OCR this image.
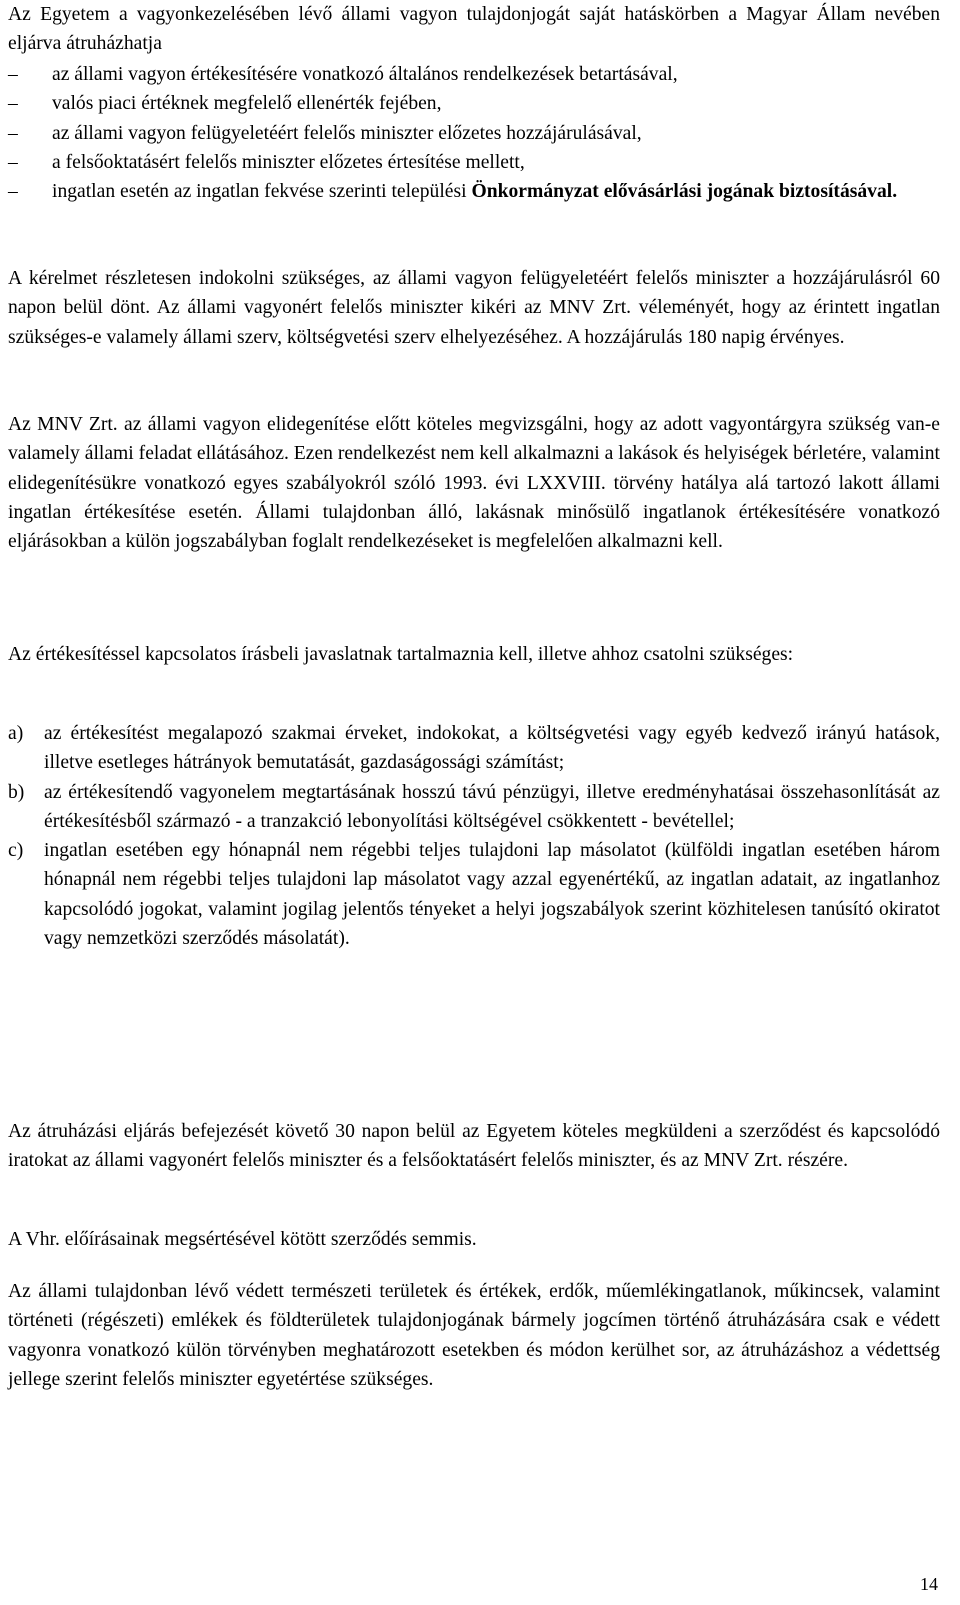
Az Egyetem a vagyonkezelésében lévő állami vagyon tulajdonjogát saját hatáskörben a Magyar Állam nevében eljárva átruházhatja

–	az állami vagyon értékesítésére vonatkozó általános rendelkezések betartásával,
–	valós piaci értéknek megfelelő ellenérték fejében,
–	az állami vagyon felügyeletéért felelős miniszter előzetes hozzájárulásával,
–	a felsőoktatásért felelős miniszter előzetes értesítése mellett,
–	ingatlan esetén az ingatlan fekvése szerinti települési Önkormányzat elővásárlási jogának biztosításával.

A kérelmet részletesen indokolni szükséges, az állami vagyon felügyeletéért felelős miniszter a hozzájárulásról 60 napon belül dönt. Az állami vagyonért felelős miniszter kikéri az MNV Zrt. véleményét, hogy az érintett ingatlan szükséges-e valamely állami szerv, költségvetési szerv elhelyezéséhez. A hozzájárulás 180 napig érvényes.

Az MNV Zrt. az állami vagyon elidegenítése előtt köteles megvizsgálni, hogy az adott vagyontárgyra szükség van-e valamely állami feladat ellátásához. Ezen rendelkezést nem kell alkalmazni a lakások és helyiségek bérletére, valamint elidegenítésükre vonatkozó egyes szabályokról szóló 1993. évi LXXVIII. törvény hatálya alá tartozó lakott állami ingatlan értékesítése esetén. Állami tulajdonban álló, lakásnak minősülő ingatlanok értékesítésére vonatkozó eljárásokban a külön jogszabályban foglalt rendelkezéseket is megfelelően alkalmazni kell.

Az értékesítéssel kapcsolatos írásbeli javaslatnak tartalmaznia kell, illetve ahhoz csatolni szükséges:

a) az értékesítést megalapozó szakmai érveket, indokokat, a költségvetési vagy egyéb kedvező irányú hatások, illetve esetleges hátrányok bemutatását, gazdaságossági számítást;
b) az értékesítendő vagyonelem megtartásának hosszú távú pénzügyi, illetve eredményhatásai összehasonlítását az értékesítésből származó - a tranzakció lebonyolítási költségével csökkentett - bevétellel;
c) ingatlan esetében egy hónapnál nem régebbi teljes tulajdoni lap másolatot (külföldi ingatlan esetében három hónapnál nem régebbi teljes tulajdoni lap másolatot vagy azzal egyenértékű, az ingatlan adatait, az ingatlanhoz kapcsolódó jogokat, valamint jogilag jelentős tényeket a helyi jogszabályok szerint közhitelesen tanúsító okiratot vagy nemzetközi szerződés másolatát).

Az átruházási eljárás befejezését követő 30 napon belül az Egyetem köteles megküldeni a szerződést és kapcsolódó iratokat az állami vagyonért felelős miniszter és a felsőoktatásért felelős miniszter, és az MNV Zrt. részére.

A Vhr. előírásainak megsértésével kötött szerződés semmis.

Az állami tulajdonban lévő védett természeti területek és értékek, erdők, műemlékingatlanok, műkincsek, valamint történeti (régészeti) emlékek és földterületek tulajdonjogának bármely jogcímen történő átruházására csak e védett vagyonra vonatkozó külön törvényben meghatározott esetekben és módon kerülhet sor, az átruházáshoz a védettség jellege szerint felelős miniszter egyetértése szükséges.

14
